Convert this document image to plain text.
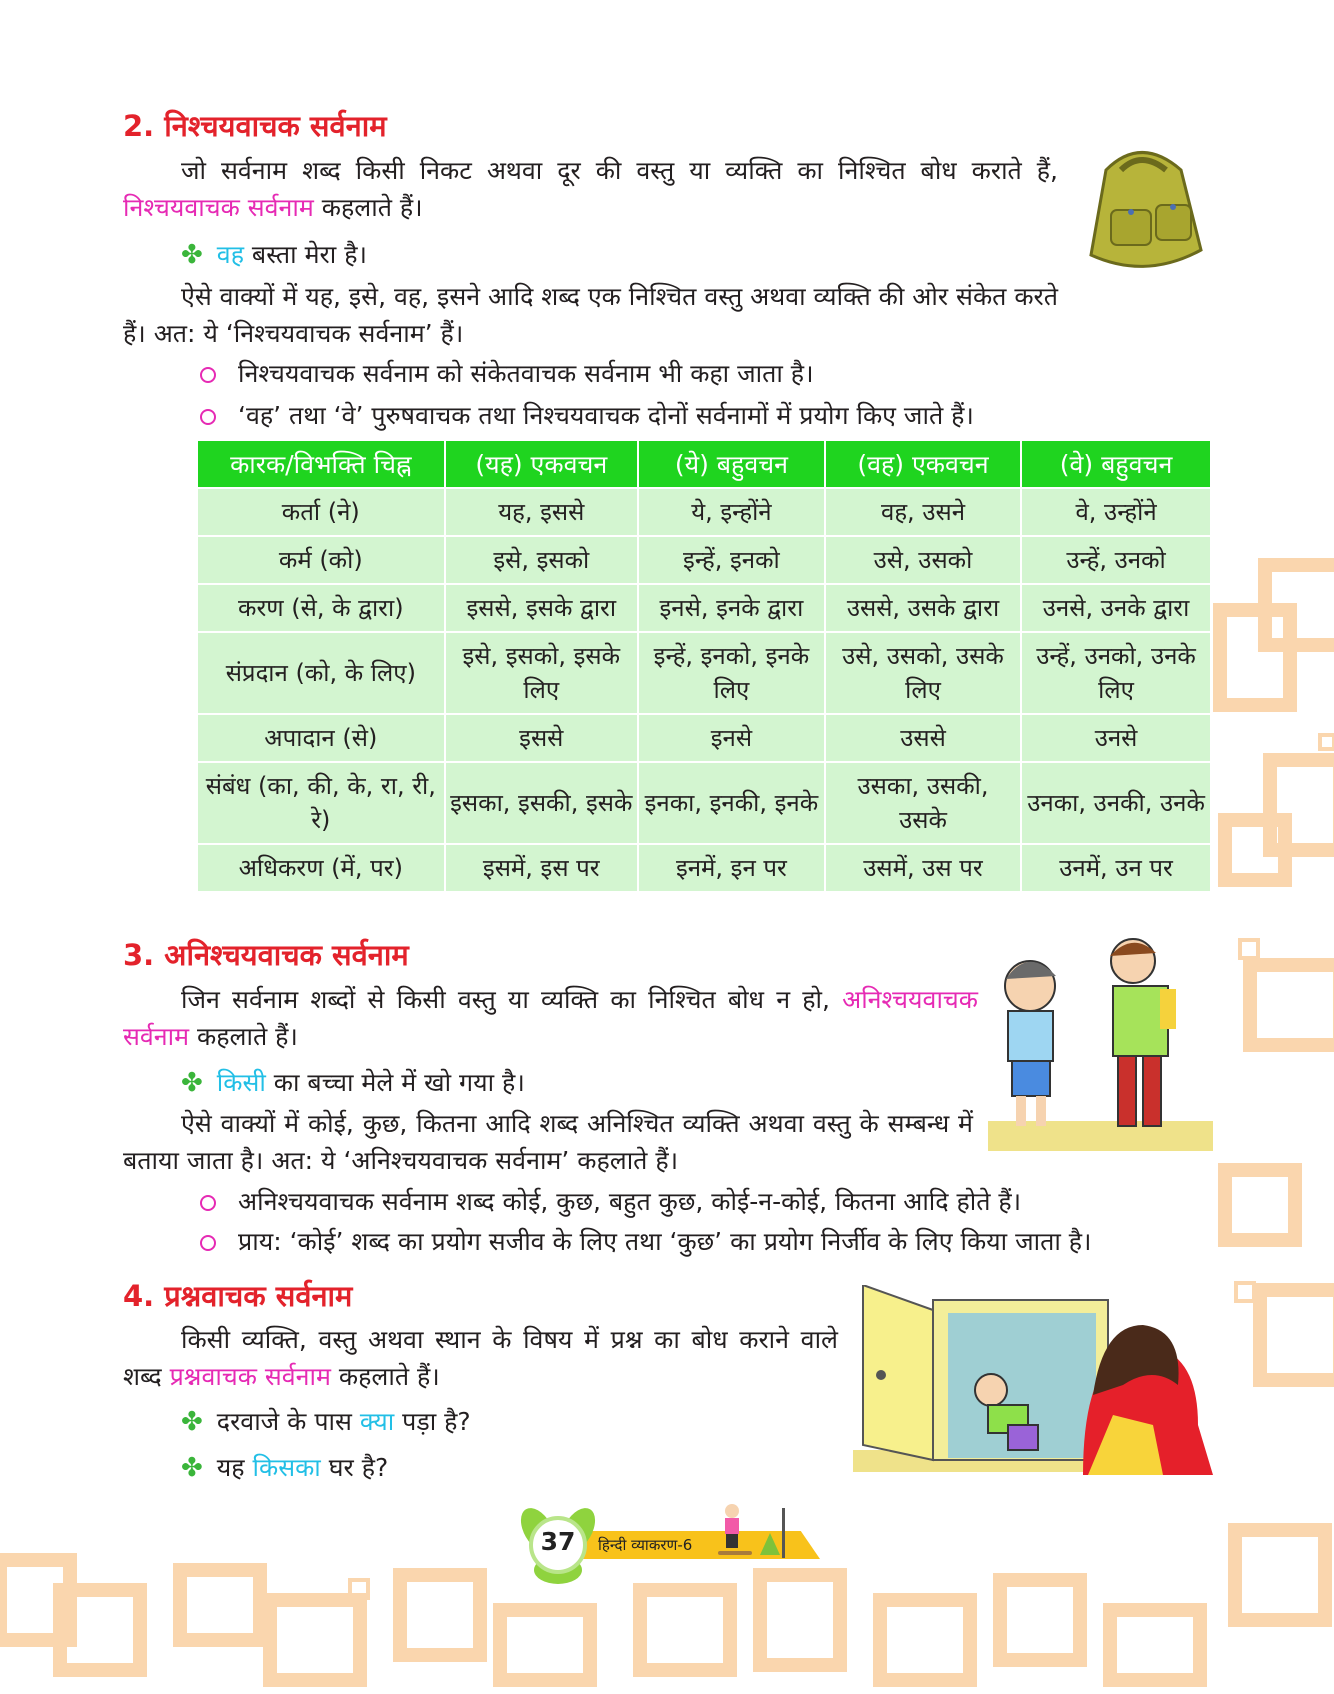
2. निश्चयवाचक सर्वनाम
जो सर्वनाम शब्द किसी निकट अथवा दूर की वस्तु या व्यक्ति का निश्चित बोध कराते हैं, निश्चयवाचक सर्वनाम कहलाते हैं।
✤ वह बस्ता मेरा है।
ऐसे वाक्यों में यह, इसे, वह, इसने आदि शब्द एक निश्चित वस्तु अथवा व्यक्ति की ओर संकेत करते हैं। अत: ये ‘निश्चयवाचक सर्वनाम’ हैं।
निश्चयवाचक सर्वनाम को संकेतवाचक सर्वनाम भी कहा जाता है।
‘वह’ तथा ‘वे’ पुरुषवाचक तथा निश्चयवाचक दोनों सर्वनामों में प्रयोग किए जाते हैं।
कारक/विभक्ति चिह्न	(यह) एकवचन	(ये) बहुवचन	(वह) एकवचन	(वे) बहुवचन
कर्ता (ने)	यह, इससे	ये, इन्होंने	वह, उसने	वे, उन्होंने
कर्म (को)	इसे, इसको	इन्हें, इनको	उसे, उसको	उन्हें, उनको
करण (से, के द्वारा)	इससे, इसके द्वारा	इनसे, इनके द्वारा	उससे, उसके द्वारा	उनसे, उनके द्वारा
संप्रदान (को, के लिए)	इसे, इसको, इसके लिए	इन्हें, इनको, इनके लिए	उसे, उसको, उसके लिए	उन्हें, उनको, उनके लिए
अपादान (से)	इससे	इनसे	उससे	उनसे
संबंध (का, की, के, रा, री, रे)	इसका, इसकी, इसके	इनका, इनकी, इनके	उसका, उसकी, उसके	उनका, उनकी, उनके
अधिकरण (में, पर)	इसमें, इस पर	इनमें, इन पर	उसमें, उस पर	उनमें, उन पर
3. अनिश्चयवाचक सर्वनाम
जिन सर्वनाम शब्दों से किसी वस्तु या व्यक्ति का निश्चित बोध न हो, अनिश्चयवाचक सर्वनाम कहलाते हैं।
✤ किसी का बच्चा मेले में खो गया है।
ऐसे वाक्यों में कोई, कुछ, कितना आदि शब्द अनिश्चित व्यक्ति अथवा वस्तु के सम्बन्ध में बताया जाता है। अत: ये ‘अनिश्चयवाचक सर्वनाम’ कहलाते हैं।
अनिश्चयवाचक सर्वनाम शब्द कोई, कुछ, बहुत कुछ, कोई-न-कोई, कितना आदि होते हैं।
प्राय: ‘कोई’ शब्द का प्रयोग सजीव के लिए तथा ‘कुछ’ का प्रयोग निर्जीव के लिए किया जाता है।
4. प्रश्नवाचक सर्वनाम
किसी व्यक्ति, वस्तु अथवा स्थान के विषय में प्रश्न का बोध कराने वाले शब्द प्रश्नवाचक सर्वनाम कहलाते हैं।
✤ दरवाजे के पास क्या पड़ा है?
✤ यह किसका घर है?
37	हिन्दी व्याकरण-6
